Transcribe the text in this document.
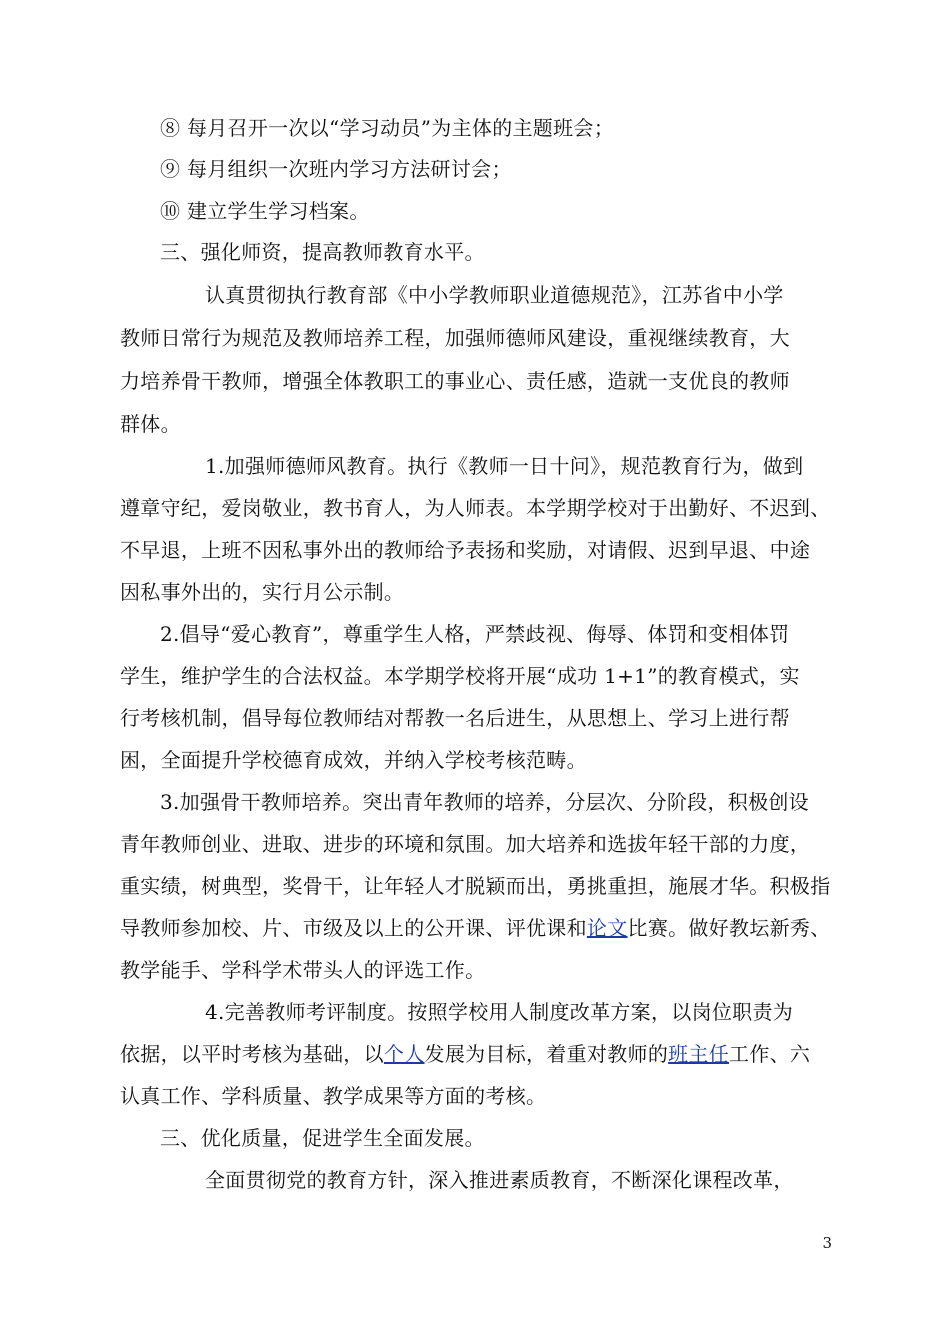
⑧ 每月召开一次以“学习动员”为主体的主题班会；
⑨ 每月组织一次班内学习方法研讨会；
⑩ 建立学生学习档案。
三、强化师资，提高教师教育水平。
认真贯彻执行教育部《中小学教师职业道德规范》，江苏省中小学
教师日常行为规范及教师培养工程，加强师德师风建设，重视继续教育，大
力培养骨干教师，增强全体教职工的事业心、责任感，造就一支优良的教师
群体。
1.加强师德师风教育。执行《教师一日十问》，规范教育行为，做到
遵章守纪，爱岗敬业，教书育人，为人师表。本学期学校对于出勤好、不迟到、
不早退，上班不因私事外出的教师给予表扬和奖励，对请假、迟到早退、中途
因私事外出的，实行月公示制。
2.倡导“爱心教育”，尊重学生人格，严禁歧视、侮辱、体罚和变相体罚
学生，维护学生的合法权益。本学期学校将开展“成功 1+1”的教育模式，实
行考核机制，倡导每位教师结对帮教一名后进生，从思想上、学习上进行帮
困，全面提升学校德育成效，并纳入学校考核范畴。
3.加强骨干教师培养。突出青年教师的培养，分层次、分阶段，积极创设
青年教师创业、进取、进步的环境和氛围。加大培养和选拔年轻干部的力度，
重实绩，树典型，奖骨干，让年轻人才脱颖而出，勇挑重担，施展才华。积极指
导教师参加校、片、市级及以上的公开课、评优课和论文比赛。做好教坛新秀、
教学能手、学科学术带头人的评选工作。
4.完善教师考评制度。按照学校用人制度改革方案，以岗位职责为
依据，以平时考核为基础，以个人发展为目标，着重对教师的班主任工作、六
认真工作、学科质量、教学成果等方面的考核。
三、优化质量，促进学生全面发展。
全面贯彻党的教育方针，深入推进素质教育，不断深化课程改革，
3
